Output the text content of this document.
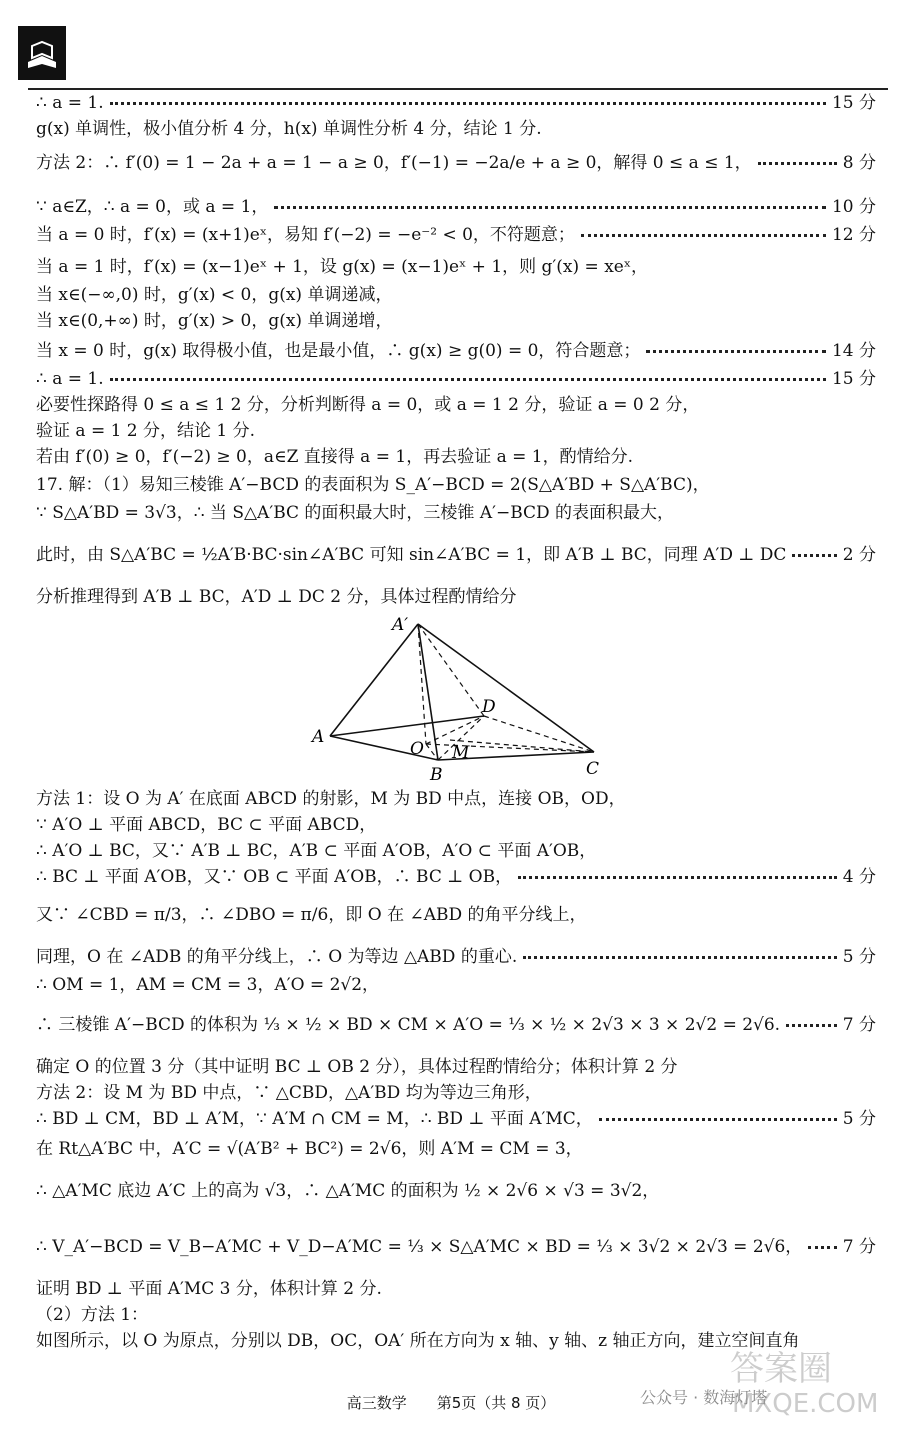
∴ a = 1.	15 分
g(x) 单调性，极小值分析 4 分，h(x) 单调性分析 4 分，结论 1 分.
方法 2：∴ f′(0) = 1 − 2a + a = 1 − a ≥ 0，f′(−1) = −2a/e + a ≥ 0，解得 0 ≤ a ≤ 1，	8 分
∵ a∈Z，∴ a = 0，或 a = 1，	10 分
当 a = 0 时，f′(x) = (x+1)eˣ，易知 f′(−2) = −e⁻² < 0，不符题意；	12 分
当 a = 1 时，f′(x) = (x−1)eˣ + 1，设 g(x) = (x−1)eˣ + 1，则 g′(x) = xeˣ，
当 x∈(−∞,0) 时，g′(x) < 0，g(x) 单调递减，
当 x∈(0,+∞) 时，g′(x) > 0，g(x) 单调递增，
当 x = 0 时，g(x) 取得极小值，也是最小值，∴ g(x) ≥ g(0) = 0，符合题意；	14 分
∴ a = 1.	15 分
必要性探路得 0 ≤ a ≤ 1 2 分，分析判断得 a = 0，或 a = 1 2 分，验证 a = 0 2 分，
验证 a = 1 2 分，结论 1 分.
若由 f′(0) ≥ 0，f′(−2) ≥ 0，a∈Z 直接得 a = 1，再去验证 a = 1，酌情给分.
17. 解：（1）易知三棱锥 A′−BCD 的表面积为 S_A′−BCD = 2(S△A′BD + S△A′BC)，
∵ S△A′BD = 3√3，∴ 当 S△A′BC 的面积最大时，三棱锥 A′−BCD 的表面积最大，
此时，由 S△A′BC = ½A′B·BC·sin∠A′BC 可知 sin∠A′BC = 1，即 A′B ⊥ BC，同理 A′D ⊥ DC	2 分
分析推理得到 A′B ⊥ BC，A′D ⊥ DC 2 分，具体过程酌情给分
方法 1：设 O 为 A′ 在底面 ABCD 的射影，M 为 BD 中点，连接 OB，OD，
∵ A′O ⊥ 平面 ABCD，BC ⊂ 平面 ABCD，
∴ A′O ⊥ BC，又∵ A′B ⊥ BC，A′B ⊂ 平面 A′OB，A′O ⊂ 平面 A′OB，
∴ BC ⊥ 平面 A′OB，又∵ OB ⊂ 平面 A′OB，∴ BC ⊥ OB，	4 分
又∵ ∠CBD = π/3，∴ ∠DBO = π/6，即 O 在 ∠ABD 的角平分线上，
同理，O 在 ∠ADB 的角平分线上，∴ O 为等边 △ABD 的重心.	5 分
∴ OM = 1，AM = CM = 3，A′O = 2√2，
∴ 三棱锥 A′−BCD 的体积为 ⅓ × ½ × BD × CM × A′O = ⅓ × ½ × 2√3 × 3 × 2√2 = 2√6.	7 分
确定 O 的位置 3 分（其中证明 BC ⊥ OB 2 分），具体过程酌情给分；体积计算 2 分
方法 2：设 M 为 BD 中点，∵ △CBD，△A′BD 均为等边三角形，
∴ BD ⊥ CM，BD ⊥ A′M，∵ A′M ∩ CM = M，∴ BD ⊥ 平面 A′MC，	5 分
在 Rt△A′BC 中，A′C = √(A′B² + BC²) = 2√6，则 A′M = CM = 3，
∴ △A′MC 底边 A′C 上的高为 √3，∴ △A′MC 的面积为 ½ × 2√6 × √3 = 3√2，
∴ V_A′−BCD = V_B−A′MC + V_D−A′MC = ⅓ × S△A′MC × BD = ⅓ × 3√2 × 2√3 = 2√6， 7 分
证明 BD ⊥ 平面 A′MC 3 分，体积计算 2 分.
（2）方法 1：
如图所示，以 O 为原点，分别以 DB，OC，OA′ 所在方向为 x 轴、y 轴、z 轴正方向，建立空间直角
A′
A
B	C
D
O M
答案圈
MXQE.COM
高三数学　　第5页（共 8 页）	公众号 · 数海灯塔
